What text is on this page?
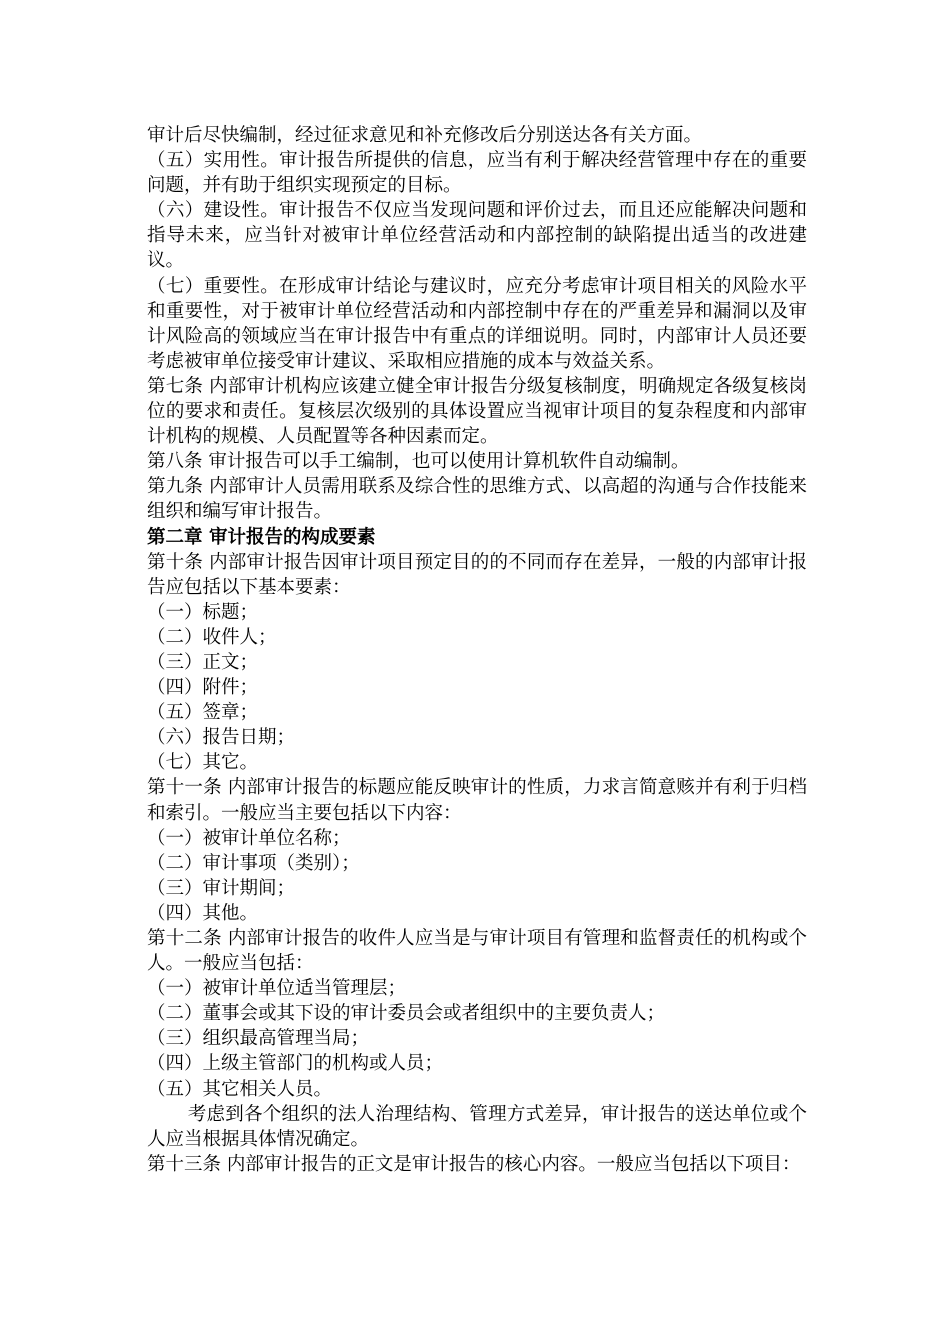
审计后尽快编制，经过征求意见和补充修改后分别送达各有关方面。

（五）实用性。审计报告所提供的信息，应当有利于解决经营管理中存在的重要问题，并有助于组织实现预定的目标。

（六）建设性。审计报告不仅应当发现问题和评价过去，而且还应能解决问题和指导未来，应当针对被审计单位经营活动和内部控制的缺陷提出适当的改进建议。

（七）重要性。在形成审计结论与建议时，应充分考虑审计项目相关的风险水平和重要性，对于被审计单位经营活动和内部控制中存在的严重差异和漏洞以及审计风险高的领域应当在审计报告中有重点的详细说明。同时，内部审计人员还要考虑被审单位接受审计建议、采取相应措施的成本与效益关系。

第七条 内部审计机构应该建立健全审计报告分级复核制度，明确规定各级复核岗位的要求和责任。复核层次级别的具体设置应当视审计项目的复杂程度和内部审计机构的规模、人员配置等各种因素而定。

第八条 审计报告可以手工编制，也可以使用计算机软件自动编制。

第九条 内部审计人员需用联系及综合性的思维方式、以高超的沟通与合作技能来组织和编写审计报告。

第二章 审计报告的构成要素

第十条 内部审计报告因审计项目预定目的的不同而存在差异，一般的内部审计报告应包括以下基本要素：

（一）标题；

（二）收件人；

（三）正文；

（四）附件；

（五）签章；

（六）报告日期；

（七）其它。

第十一条 内部审计报告的标题应能反映审计的性质，力求言简意赅并有利于归档和索引。一般应当主要包括以下内容：

（一）被审计单位名称；

（二）审计事项（类别）；

（三）审计期间；

（四）其他。

第十二条 内部审计报告的收件人应当是与审计项目有管理和监督责任的机构或个人。一般应当包括：

（一）被审计单位适当管理层；

（二）董事会或其下设的审计委员会或者组织中的主要负责人；

（三）组织最高管理当局；

（四）上级主管部门的机构或人员；

（五）其它相关人员。

考虑到各个组织的法人治理结构、管理方式差异，审计报告的送达单位或个人应当根据具体情况确定。

第十三条 内部审计报告的正文是审计报告的核心内容。一般应当包括以下项目：
